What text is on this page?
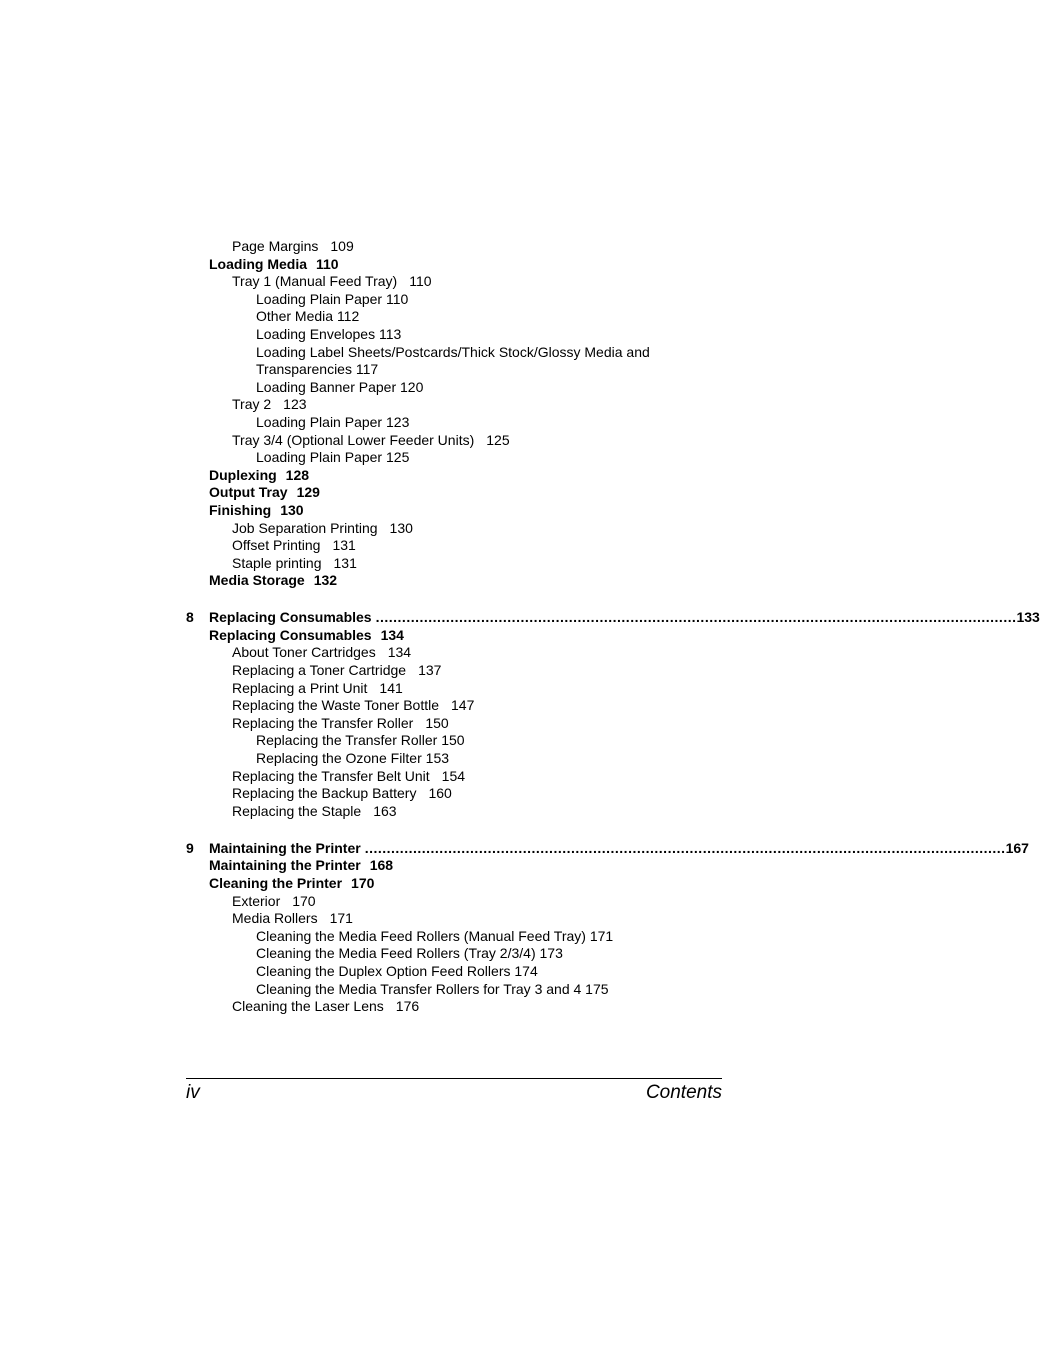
Page Margins 109
Loading Media 110
Tray 1 (Manual Feed Tray) 110
Loading Plain Paper 110
Other Media 112
Loading Envelopes 113
Loading Label Sheets/Postcards/Thick Stock/Glossy Media and
Transparencies 117
Loading Banner Paper 120
Tray 2 123
Loading Plain Paper 123
Tray 3/4 (Optional Lower Feeder Units) 125
Loading Plain Paper 125
Duplexing 128
Output Tray 129
Finishing 130
Job Separation Printing 130
Offset Printing 131
Staple printing 131
Media Storage 132
8 Replacing Consumables .................................................................................................................................................. 133
Replacing Consumables 134
About Toner Cartridges 134
Replacing a Toner Cartridge 137
Replacing a Print Unit 141
Replacing the Waste Toner Bottle 147
Replacing the Transfer Roller 150
Replacing the Transfer Roller 150
Replacing the Ozone Filter 153
Replacing the Transfer Belt Unit 154
Replacing the Backup Battery 160
Replacing the Staple 163
9 Maintaining the Printer .................................................................................................................................................. 167
Maintaining the Printer 168
Cleaning the Printer 170
Exterior 170
Media Rollers 171
Cleaning the Media Feed Rollers (Manual Feed Tray) 171
Cleaning the Media Feed Rollers (Tray 2/3/4) 173
Cleaning the Duplex Option Feed Rollers 174
Cleaning the Media Transfer Rollers for Tray 3 and 4 175
Cleaning the Laser Lens 176
iv	Contents
